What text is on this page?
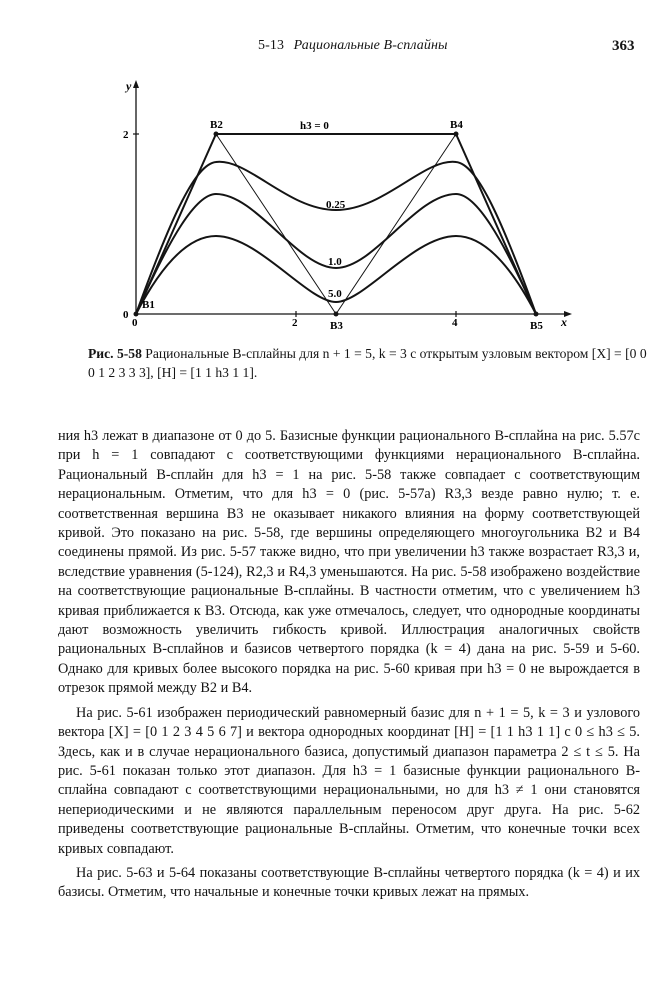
5-13 Рациональные B-сплайны	363
y
x
0	2	4
0
2
B1
B2
B3
B4
B5
h3 = 0
0.25
1.0
5.0
Рис. 5-58 Рациональные B-сплайны для n + 1 = 5, k = 3 с открытым узловым вектором [X] = [0 0 0 1 2 3 3 3], [H] = [1 1 h3 1 1].

ния h3 лежат в диапазоне от 0 до 5. Базисные функции рационального B-сплайна на рис. 5.57c при h = 1 совпадают с соответствующими функциями нерационального B-сплайна. Рациональный B-сплайн для h3 = 1 на рис. 5-58 также совпадает с соответствующим нерациональным. Отметим, что для h3 = 0 (рис. 5-57a) R3,3 везде равно нулю; т. е. соответственная вершина B3 не оказывает никакого влияния на форму соответствующей кривой. Это показано на рис. 5-58, где вершины определяющего многоугольника B2 и B4 соединены прямой. Из рис. 5-57 также видно, что при увеличении h3 также возрастает R3,3 и, вследствие уравнения (5-124), R2,3 и R4,3 уменьшаются. На рис. 5-58 изображено воздействие на соответствующие рациональные B-сплайны. В частности отметим, что с увеличением h3 кривая приближается к B3. Отсюда, как уже отмечалось, следует, что однородные координаты дают возможность увеличить гибкость кривой. Иллюстрация аналогичных свойств рациональных B-сплайнов и базисов четвертого порядка (k = 4) дана на рис. 5-59 и 5-60. Однако для кривых более высокого порядка на рис. 5-60 кривая при h3 = 0 не вырождается в отрезок прямой между B2 и B4.

На рис. 5-61 изображен периодический равномерный базис для n + 1 = 5, k = 3 и узлового вектора [X] = [0 1 2 3 4 5 6 7] и вектора однородных координат [H] = [1 1 h3 1 1] с 0 ≤ h3 ≤ 5. Здесь, как и в случае нерационального базиса, допустимый диапазон параметра 2 ≤ t ≤ 5. На рис. 5-61 показан только этот диапазон. Для h3 = 1 базисные функции рационального B-сплайна совпадают с соответствующими нерациональными, но для h3 ≠ 1 они становятся непериодическими и не являются параллельным переносом друг друга. На рис. 5-62 приведены соответствующие рациональные B-сплайны. Отметим, что конечные точки всех кривых совпадают.

На рис. 5-63 и 5-64 показаны соответствующие B-сплайны четвертого порядка (k = 4) и их базисы. Отметим, что начальные и конечные точки кривых лежат на прямых.
